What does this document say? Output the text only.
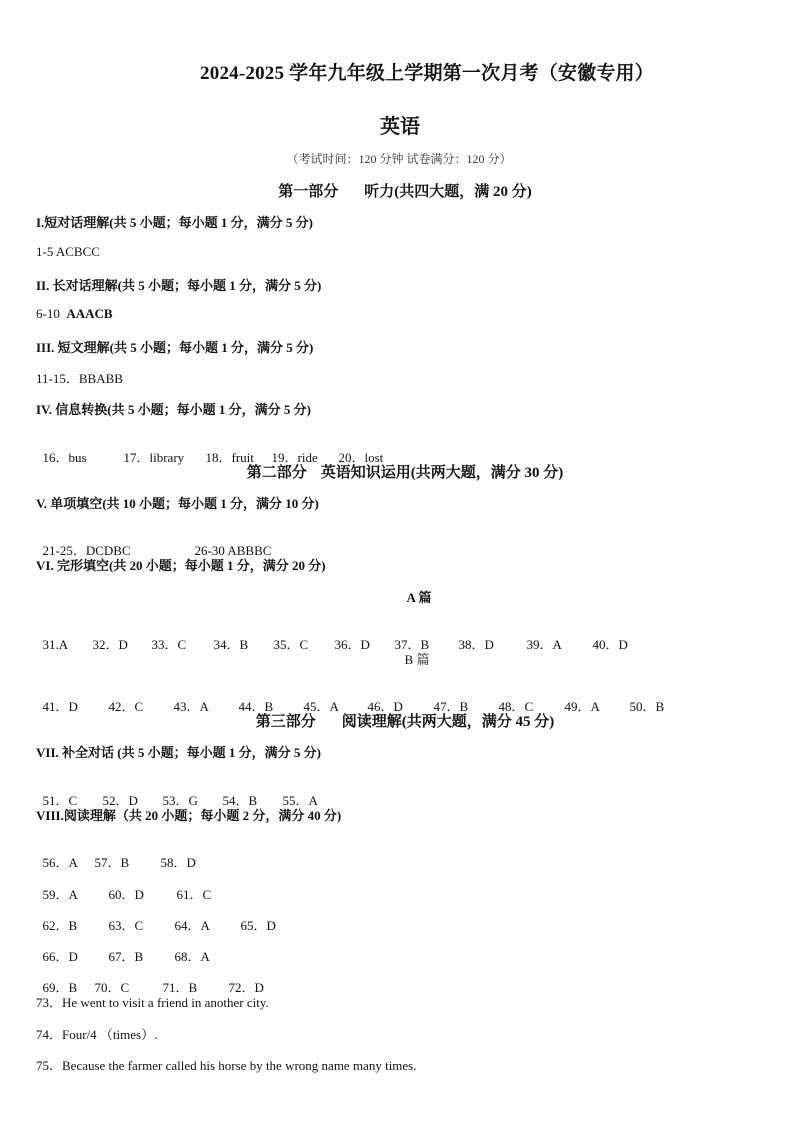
2024-2025 学年九年级上学期第一次月考（安徽专用）
英语
（考试时间：120 分钟 试卷满分：120 分）
第一部分 听力(共四大题，满 20 分)
I.短对话理解(共 5 小题；每小题 1 分，满分 5 分)
1-5 ACBCC
II. 长对话理解(共 5 小题；每小题 1 分，满分 5 分)
6-10  AAACB
III. 短文理解(共 5 小题；每小题 1 分，满分 5 分)
11-15．BBABB
IV. 信息转换(共 5 小题；每小题 1 分，满分 5 分)

16．bus	17．library 18．fruit 19．ride 20．lost

第二部分 英语知识运用(共两大题，满分 30 分)
V. 单项填空(共 10 小题；每小题 1 分，满分 10 分)

21-25．DCDBC	26-30 ABBBC

VI. 完形填空(共 20 小题；每小题 1 分，满分 20 分)
A 篇

31.A 32．D 33．C 34．B 35．C 36．D 37．B 38．D	39．A 40．D

B 篇

41．D 42．C 43．A 44．B 45．A 46．D 47．B 48．C 49．A 50．B

第三部分 阅读理解(共两大题，满分 45 分)
VII. 补全对话 (共 5 小题；每小题 1 分，满分 5 分)

51．C 52．D 53．G 54．B 55．A

VIII.阅读理解（共 20 小题；每小题 2 分，满分 40 分)

56．A 57．B 58．D

59．A 60．D	61．C

62．B 63．C 64．A 65．D

66．D 67．B 68．A

69．B 70．C	71．B 72．D

73．He went to visit a friend in another city.
74．Four/4 （times）.
75．Because the farmer called his horse by the wrong name many times.
